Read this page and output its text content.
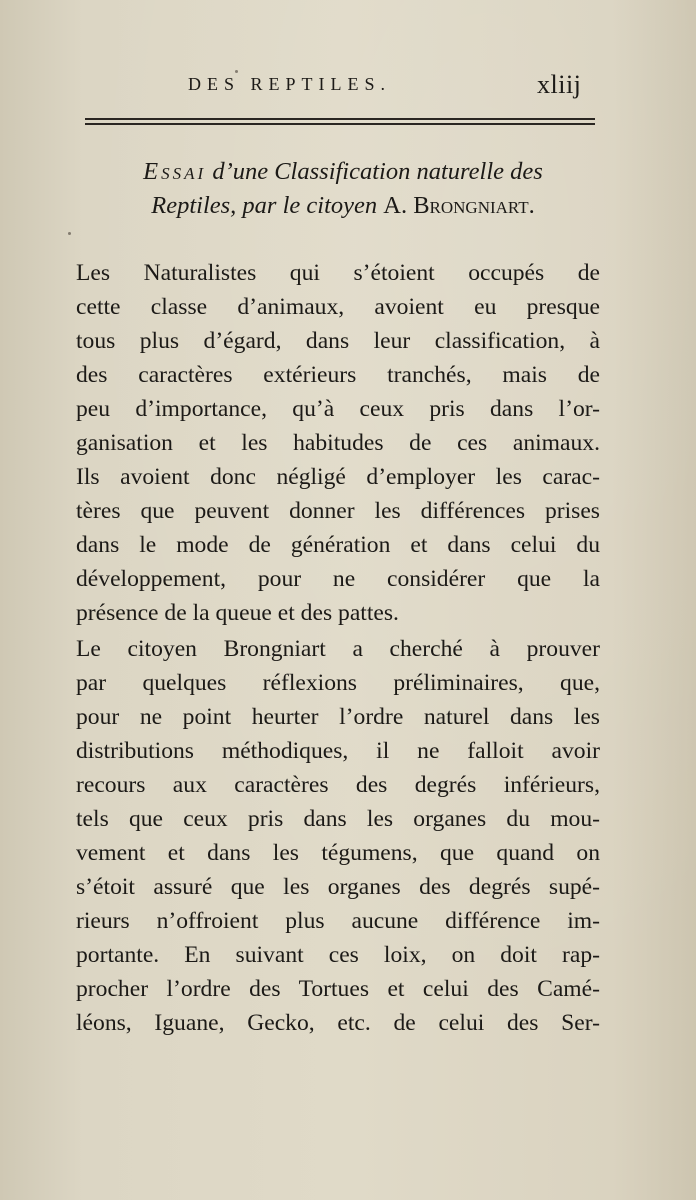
DES REPTILES.	xliij
Essai d’une Classification naturelle des
Reptiles, par le citoyen A. Brongniart.
Les Naturalistes qui s’étoient occupés de
cette classe d’animaux, avoient eu presque
tous plus d’égard, dans leur classification, à
des caractères extérieurs tranchés, mais de
peu d’importance, qu’à ceux pris dans l’or-
ganisation et les habitudes de ces animaux.
Ils avoient donc négligé d’employer les carac-
tères que peuvent donner les différences prises
dans le mode de génération et dans celui du
développement, pour ne considérer que la
présence de la queue et des pattes.
Le citoyen Brongniart a cherché à prouver
par quelques réflexions préliminaires, que,
pour ne point heurter l’ordre naturel dans les
distributions méthodiques, il ne falloit avoir
recours aux caractères des degrés inférieurs,
tels que ceux pris dans les organes du mou-
vement et dans les tégumens, que quand on
s’étoit assuré que les organes des degrés supé-
rieurs n’offroient plus aucune différence im-
portante. En suivant ces loix, on doit rap-
procher l’ordre des Tortues et celui des Camé-
léons, Iguane, Gecko, etc. de celui des Ser-
